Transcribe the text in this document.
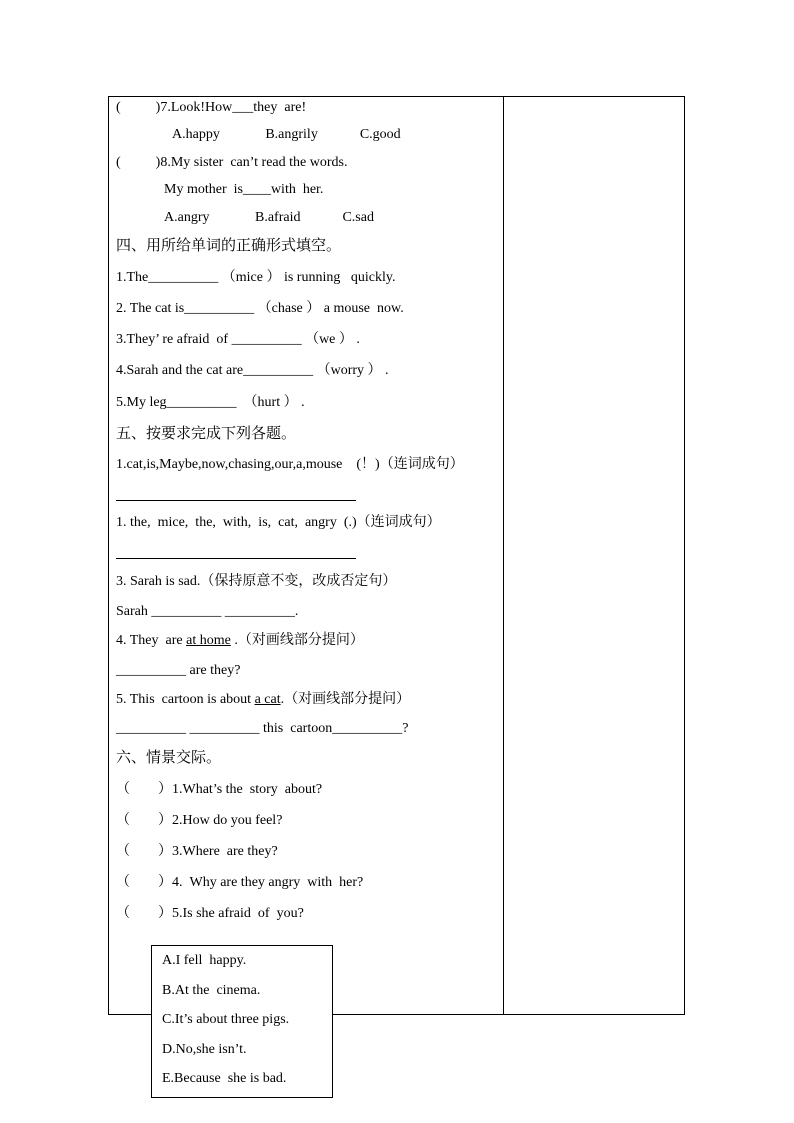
(          )7.Look!How___they  are!
A.happy             B.angrily            C.good
(          )8.My sister  can’t read the words.
My mother  is____with  her.
A.angry             B.afraid            C.sad
四、用所给单词的正确形式填空。
1.The__________ （mice ） is running   quickly.
2. The cat is__________ （chase ） a mouse  now.
3.They’ re afraid  of __________ （we ） .
4.Sarah and the cat are__________ （worry ） .
5.My leg__________  （hurt ） .
五、按要求完成下列各题。
1.cat,is,Maybe,now,chasing,our,a,mouse    (！)（连词成句）
1. the,  mice,  the,  with,  is,  cat,  angry  (.)（连词成句）
3. Sarah is sad.（保持原意不变，改成否定句）
Sarah __________ __________.
4. They  are at home .（对画线部分提问）
__________ are they?
5. This  cartoon is about a cat.（对画线部分提问）
__________ __________ this  cartoon__________?
六、情景交际。
（        ）1.What’s the  story  about?
（        ）2.How do you feel?
（        ）3.Where  are they?
（        ）4.  Why are they angry  with  her?
（        ）5.Is she afraid  of  you?
A.I fell  happy.
B.At the  cinema.
C.It’s about three pigs.
D.No,she isn’t.
E.Because  she is bad.
